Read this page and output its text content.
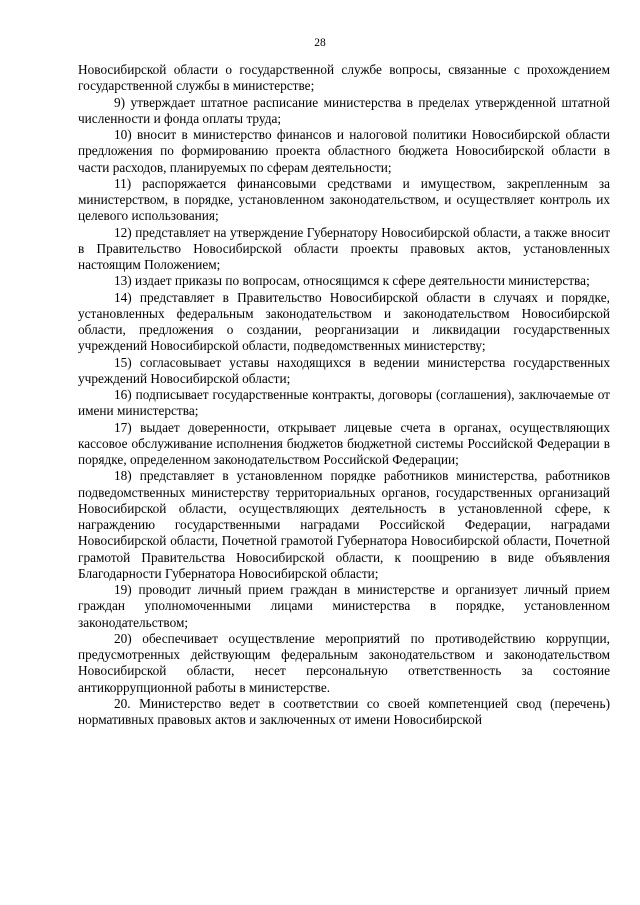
28

Новосибирской области о государственной службе вопросы, связанные с прохождением государственной службы в министерстве;

9) утверждает штатное расписание министерства в пределах утвержденной штатной численности и фонда оплаты труда;

10) вносит в министерство финансов и налоговой политики Новосибирской области предложения по формированию проекта областного бюджета Новосибирской области в части расходов, планируемых по сферам деятельности;

11) распоряжается финансовыми средствами и имуществом, закрепленным за министерством, в порядке, установленном законодательством, и осуществляет контроль их целевого использования;

12) представляет на утверждение Губернатору Новосибирской области, а также вносит в Правительство Новосибирской области проекты правовых актов, установленных настоящим Положением;

13) издает приказы по вопросам, относящимся к сфере деятельности министерства;

14) представляет в Правительство Новосибирской области в случаях и порядке, установленных федеральным законодательством и законодательством Новосибирской области, предложения о создании, реорганизации и ликвидации государственных учреждений Новосибирской области, подведомственных министерству;

15) согласовывает уставы находящихся в ведении министерства государственных учреждений Новосибирской области;

16) подписывает государственные контракты, договоры (соглашения), заключаемые от имени министерства;

17) выдает доверенности, открывает лицевые счета в органах, осуществляющих кассовое обслуживание исполнения бюджетов бюджетной системы Российской Федерации в порядке, определенном законодательством Российской Федерации;

18) представляет в установленном порядке работников министерства, работников подведомственных министерству территориальных органов, государственных организаций Новосибирской области, осуществляющих деятельность в установленной сфере, к награждению государственными наградами Российской Федерации, наградами Новосибирской области, Почетной грамотой Губернатора Новосибирской области, Почетной грамотой Правительства Новосибирской области, к поощрению в виде объявления Благодарности Губернатора Новосибирской области;

19) проводит личный прием граждан в министерстве и организует личный прием граждан уполномоченными лицами министерства в порядке, установленном законодательством;

20) обеспечивает осуществление мероприятий по противодействию коррупции, предусмотренных действующим федеральным законодательством и законодательством Новосибирской области, несет персональную ответственность за состояние антикоррупционной работы в министерстве.

20. Министерство ведет в соответствии со своей компетенцией свод (перечень) нормативных правовых актов и заключенных от имени Новосибирской
